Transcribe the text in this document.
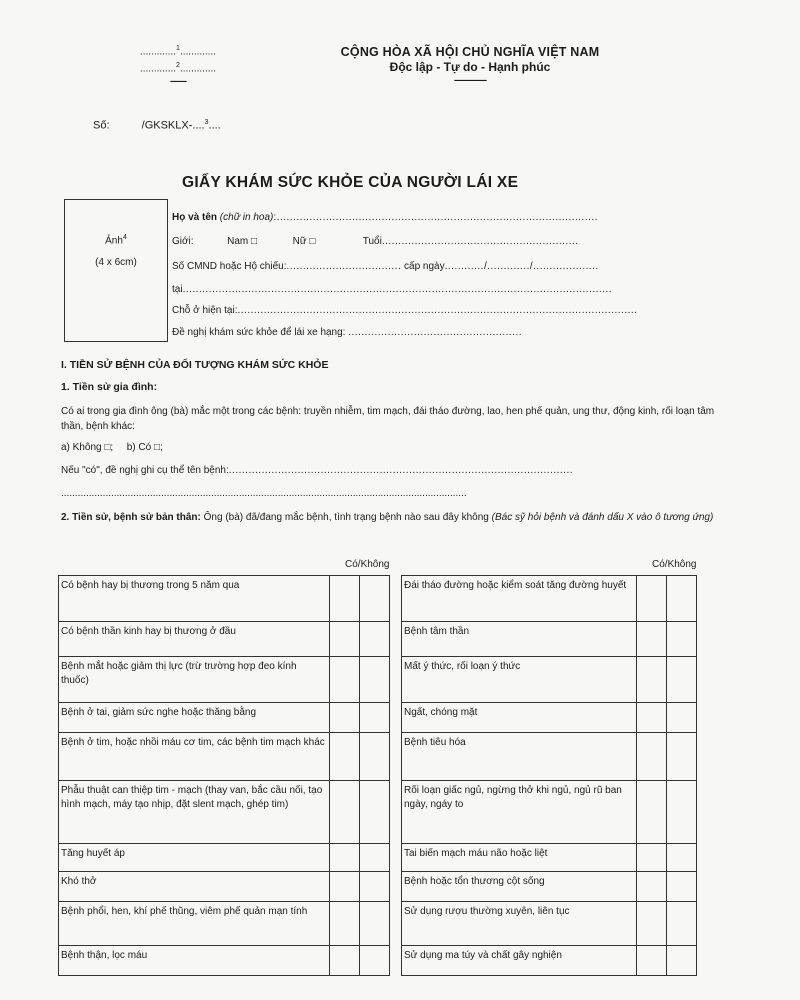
.............$^1$.............
.............$^2$.............
--------
CỘNG HÒA XÃ HỘI CHỦ NGHĨA VIỆT NAM
Độc lập - Tự do - Hạnh phúc
----------------
Số:	/GKSKLX-....$^3$....
GIẤY KHÁM SỨC KHỎE CỦA NGƯỜI LÁI XE
Ảnh$^4$
(4 x 6cm)
Họ và tên (chữ in hoa):..................................................................................................
Giới:	Nam □	Nữ □	Tuổi............................................................
Số CMND hoặc Hộ chiếu:................................... cấp ngày............/............./....................
tại...................................................................................................................................
Chỗ ở hiện tại:..........................................................................................................................
Đề nghị khám sức khỏe để lái xe hạng: .....................................................
I. TIỀN SỬ BỆNH CỦA ĐỐI TƯỢNG KHÁM SỨC KHỎE
1. Tiền sử gia đình:
Có ai trong gia đình ông (bà) mắc một trong các bệnh: truyền nhiễm, tim mạch, đái tháo đường, lao, hen phế quản, ung thư, động kinh, rối loạn tâm thần, bệnh khác:
a) Không □; b) Có □;
Nếu "có", đề nghị ghi cụ thể tên bệnh:.........................................................................................................
..................................................................................................................................................
2. Tiền sử, bệnh sử bản thân: Ông (bà) đã/đang mắc bệnh, tình trạng bệnh nào sau đây không (Bác sỹ hỏi bệnh và đánh dấu X vào ô tương ứng)
	Có/Không	
Có bệnh hay bị thương trong 5 năm qua		
Có bệnh thần kinh hay bị thương ở đầu		
Bệnh mắt hoặc giảm thị lực (trừ trường hợp đeo kính thuốc)		
Bệnh ở tai, giảm sức nghe hoặc thăng bằng		
Bệnh ở tim, hoặc nhồi máu cơ tim, các bệnh tim mạch khác		
Phẫu thuật can thiệp tim - mạch (thay van, bắc cầu nối, tạo hình mạch, máy tạo nhịp, đặt slent mạch, ghép tim)		
Tăng huyết áp		
Khó thở		
Bệnh phổi, hen, khí phế thũng, viêm phế quản mạn tính		
Bệnh thận, lọc máu		
	Có/Không	
Đái tháo đường hoặc kiểm soát tăng đường huyết		
Bệnh tâm thần		
Mất ý thức, rối loạn ý thức		
Ngất, chóng mặt		
Bệnh tiêu hóa		
Rối loạn giấc ngủ, ngừng thở khi ngủ, ngủ rũ ban ngày, ngáy to		
Tai biến mạch máu não hoặc liệt		
Bệnh hoặc tổn thương cột sống		
Sử dụng rượu thường xuyên, liên tục		
Sử dụng ma túy và chất gây nghiện		
